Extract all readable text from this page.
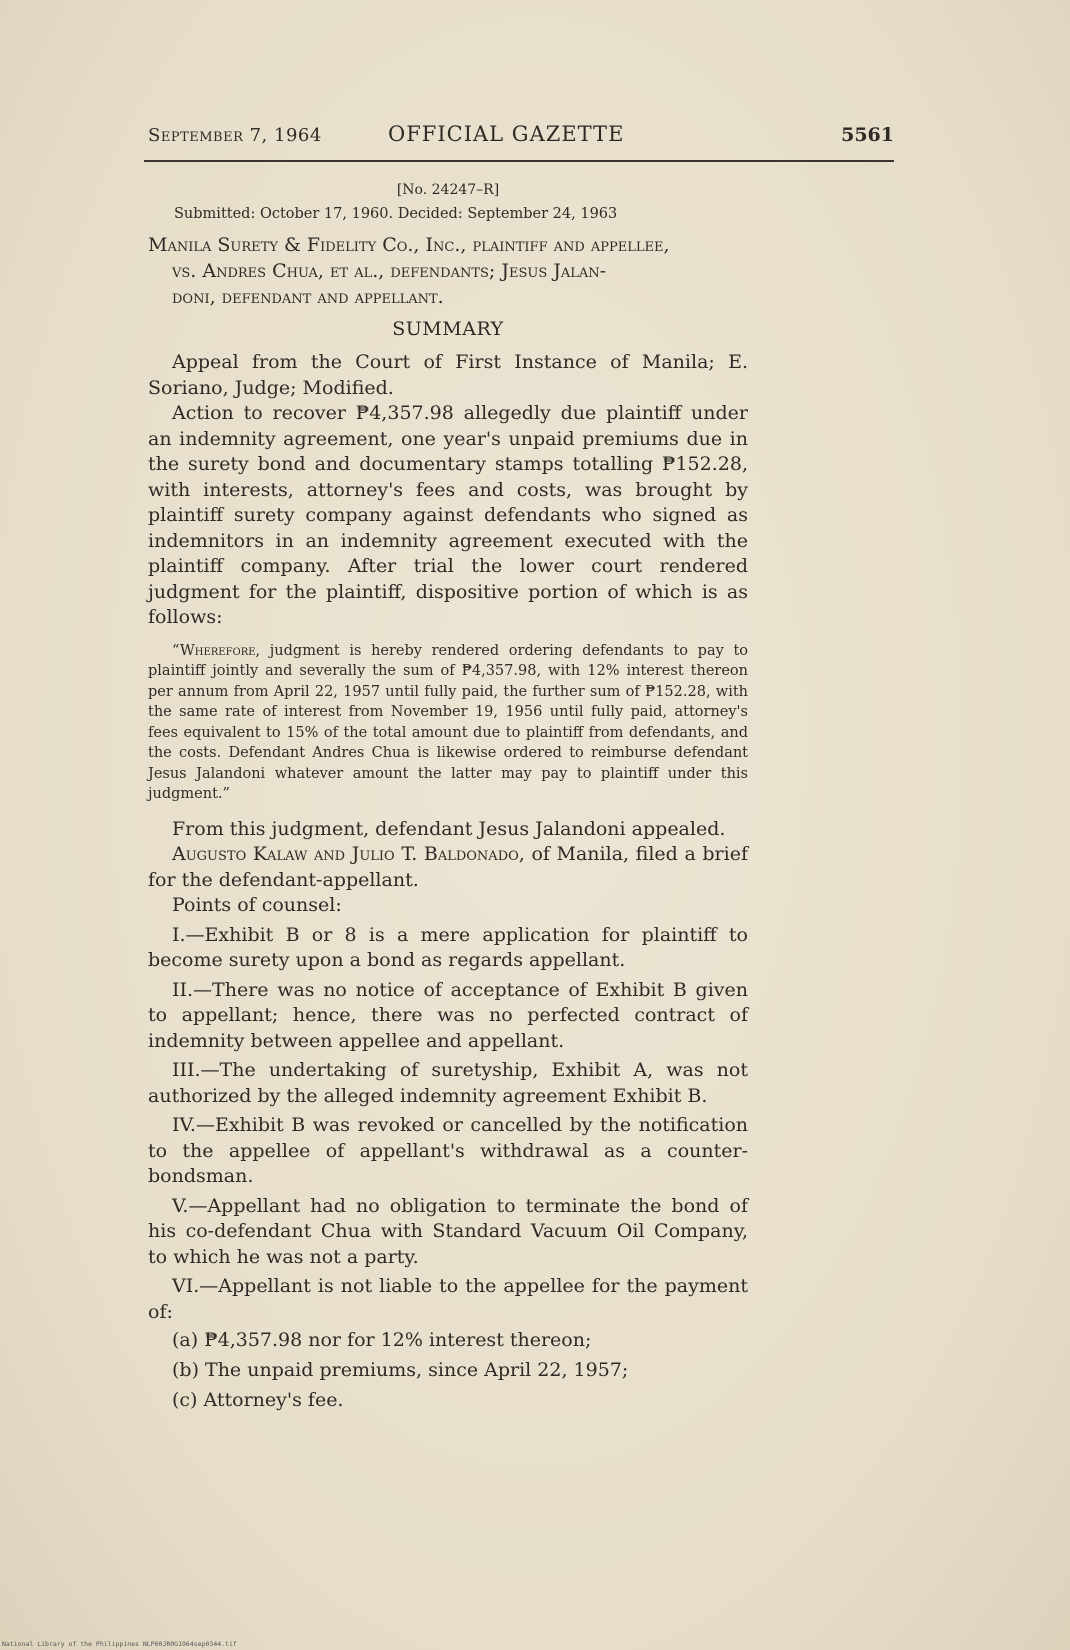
September 7, 1964	OFFICIAL GAZETTE	5561
[No. 24247–R]
Submitted: October 17, 1960. Decided: September 24, 1963
Manila Surety & Fidelity Co., Inc., plaintiff and appellee,
vs. Andres Chua, et al., defendants; Jesus Jalan-
doni, defendant and appellant.
SUMMARY

Appeal from the Court of First Instance of Manila; E. Soriano, Judge; Modified.

Action to recover ₱4,357.98 allegedly due plaintiff under an indemnity agreement, one year's unpaid premiums due in the surety bond and documentary stamps totalling ₱152.28, with interests, attorney's fees and costs, was brought by plaintiff surety company against defendants who signed as indemnitors in an indemnity agreement executed with the plaintiff company. After trial the lower court rendered judgment for the plaintiff, dispositive portion of which is as follows:

“Wherefore, judgment is hereby rendered ordering defendants to pay to plaintiff jointly and severally the sum of ₱4,357.98, with 12% interest thereon per annum from April 22, 1957 until fully paid, the further sum of ₱152.28, with the same rate of interest from November 19, 1956 until fully paid, attorney's fees equivalent to 15% of the total amount due to plaintiff from defendants, and the costs. Defendant Andres Chua is likewise ordered to reimburse defendant Jesus Jalandoni whatever amount the latter may pay to plaintiff under this judgment.”

From this judgment, defendant Jesus Jalandoni appealed.

Augusto Kalaw and Julio T. Baldonado, of Manila, filed a brief for the defendant-appellant.

Points of counsel:

I.—Exhibit B or 8 is a mere application for plaintiff to become surety upon a bond as regards appellant.

II.—There was no notice of acceptance of Exhibit B given to appellant; hence, there was no perfected contract of indemnity between appellee and appellant.

III.—The undertaking of suretyship, Exhibit A, was not authorized by the alleged indemnity agreement Exhibit B.

IV.—Exhibit B was revoked or cancelled by the notification to the appellee of appellant's withdrawal as a counter-bondsman.

V.—Appellant had no obligation to terminate the bond of his co-defendant Chua with Standard Vacuum Oil Company, to which he was not a party.

VI.—Appellant is not liable to the appellee for the payment of:

(a) ₱4,357.98 nor for 12% interest thereon;
(b) The unpaid premiums, since April 22, 1957;
(c) Attorney's fee.
National Library of the Philippines NLP00JR0G1964sep0344.tif
